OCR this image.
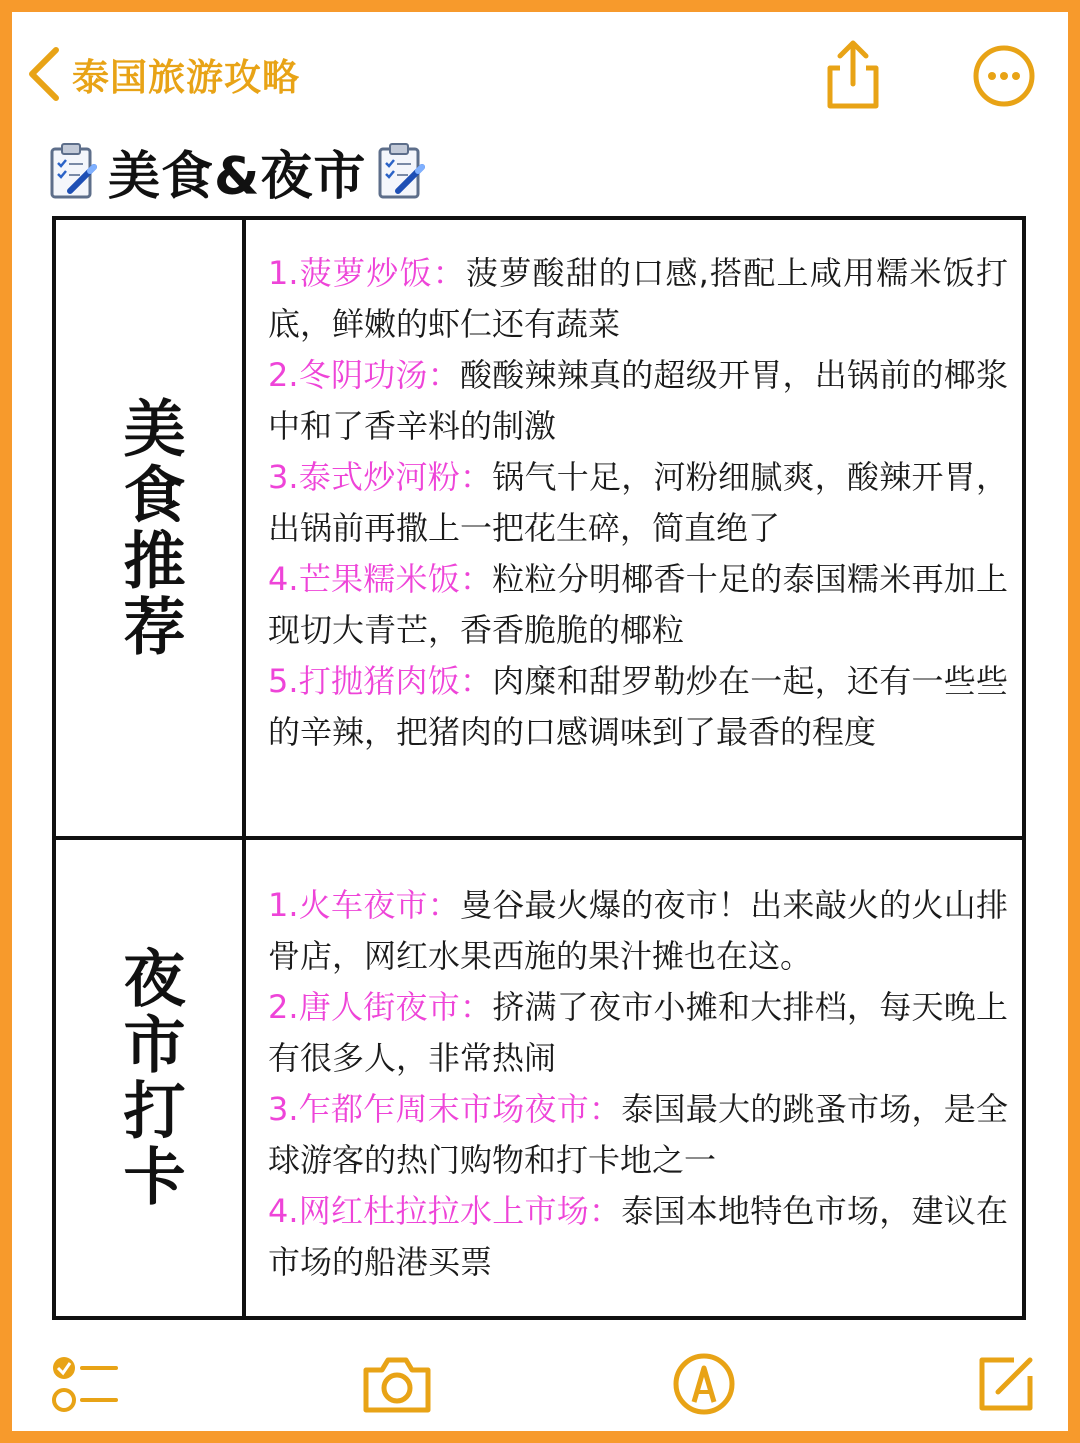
泰国旅游攻略
美食&夜市
美食推荐
1.菠萝炒饭：菠萝酸甜的口感,搭配上咸用糯米饭打底，鲜嫩的虾仁还有蔬菜
2.冬阴功汤：酸酸辣辣真的超级开胃，出锅前的椰浆中和了香辛料的制激
3.泰式炒河粉：锅气十足，河粉细腻爽，酸辣开胃，出锅前再撒上一把花生碎，简直绝了
4.芒果糯米饭：粒粒分明椰香十足的泰国糯米再加上现切大青芒，香香脆脆的椰粒
5.打抛猪肉饭：肉糜和甜罗勒炒在一起，还有一些些的辛辣，把猪肉的口感调味到了最香的程度
夜市打卡
1.火车夜市：曼谷最火爆的夜市！出来敲火的火山排骨店，网红水果西施的果汁摊也在这。
2.唐人街夜市：挤满了夜市小摊和大排档，每天晚上有很多人，非常热闹
3.乍都乍周末市场夜市：泰国最大的跳蚤市场，是全球游客的热门购物和打卡地之一
4.网红杜拉拉水上市场：泰国本地特色市场，建议在市场的船港买票
